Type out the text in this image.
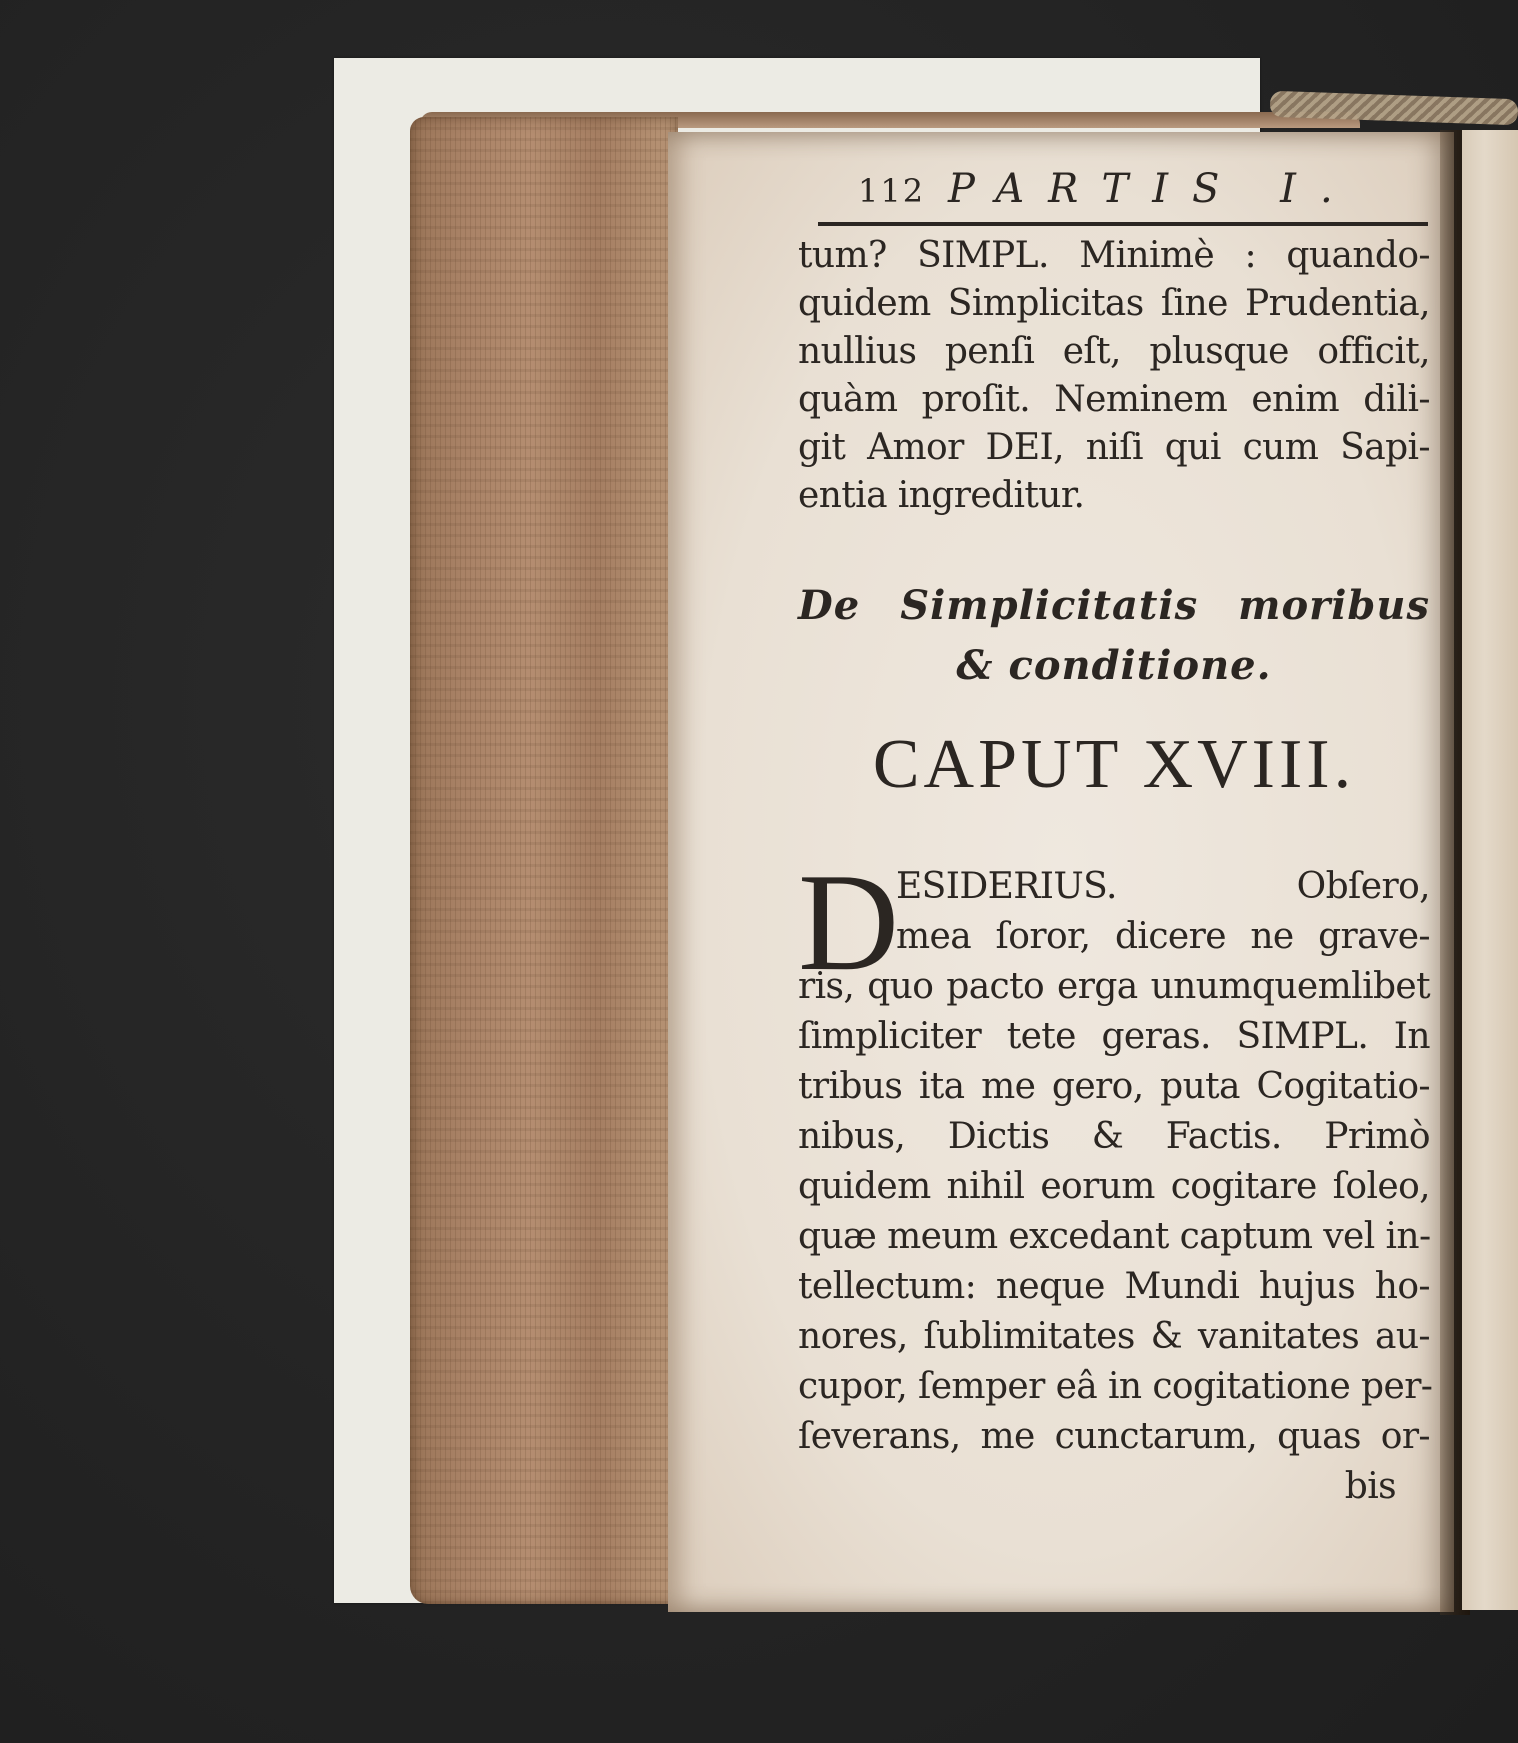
112 PARTIS I.
tum? SIMPL. Minimè : quando-
quidem Simplicitas ſine Prudentia,
nullius penſi eſt, plusque officit,
quàm proſit. Neminem enim dili-
git Amor DEI, niſi qui cum Sapi-
entia ingreditur.
De Simplicitatis moribus
& conditione.
CAPUT XVIII.
D
ESIDERIUS. Obſero,
mea ſoror, dicere ne grave-
ris, quo pacto erga unumquemlibet
ſimpliciter tete geras. SIMPL. In
tribus ita me gero, puta Cogitatio-
nibus, Dictis & Factis. Primò
quidem nihil eorum cogitare ſoleo,
quæ meum excedant captum vel in-
tellectum: neque Mundi hujus ho-
nores, ſublimitates & vanitates au-
cupor, ſemper eâ in cogitatione per-
ſeverans, me cunctarum, quas or-
bis
